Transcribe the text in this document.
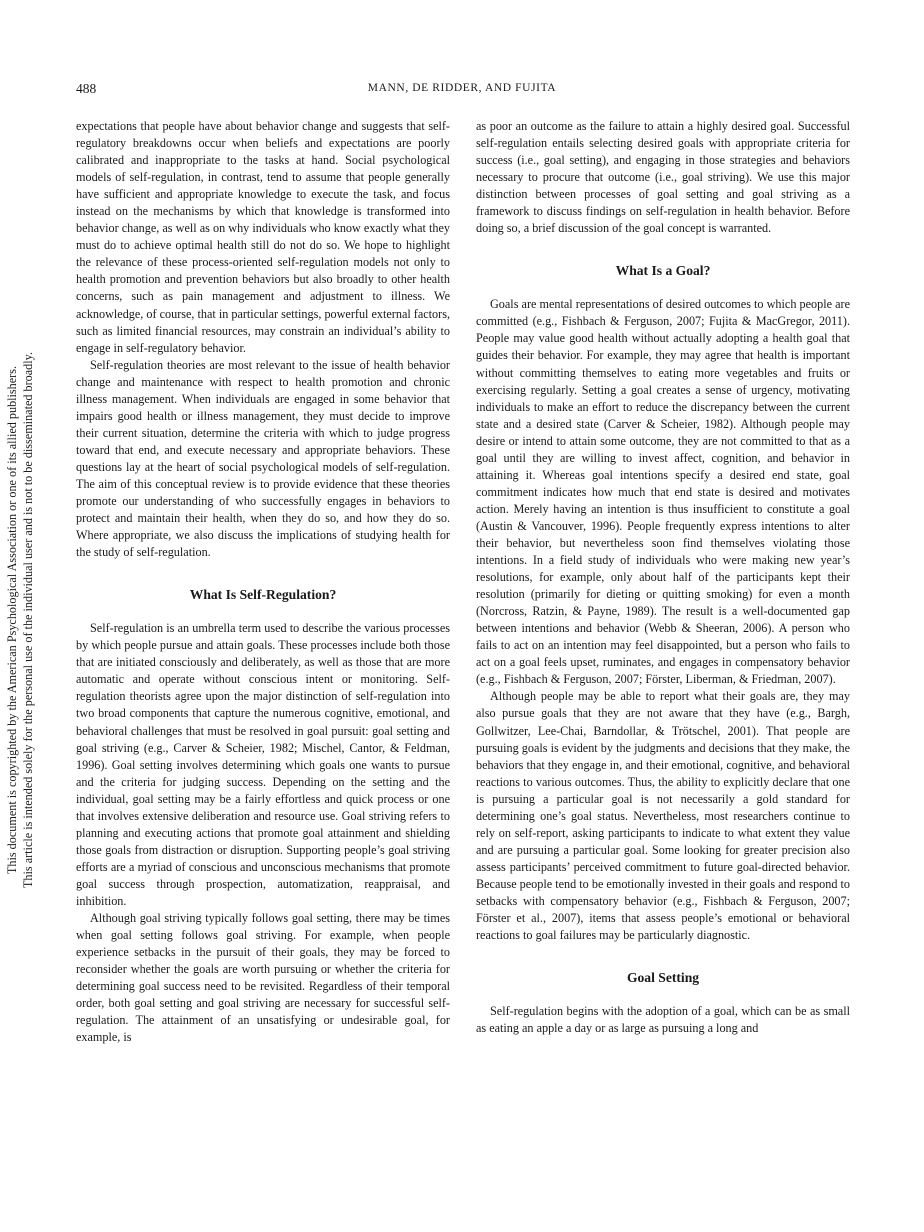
488	MANN, DE RIDDER, AND FUJITA
This document is copyrighted by the American Psychological Association or one of its allied publishers. This article is intended solely for the personal use of the individual user and is not to be disseminated broadly.

expectations that people have about behavior change and suggests that self-regulatory breakdowns occur when beliefs and expectations are poorly calibrated and inappropriate to the tasks at hand. Social psychological models of self-regulation, in contrast, tend to assume that people generally have sufficient and appropriate knowledge to execute the task, and focus instead on the mechanisms by which that knowledge is transformed into behavior change, as well as on why individuals who know exactly what they must do to achieve optimal health still do not do so. We hope to highlight the relevance of these process-oriented self-regulation models not only to health promotion and prevention behaviors but also broadly to other health concerns, such as pain management and adjustment to illness. We acknowledge, of course, that in particular settings, powerful external factors, such as limited financial resources, may constrain an individual’s ability to engage in self-regulatory behavior.

Self-regulation theories are most relevant to the issue of health behavior change and maintenance with respect to health promotion and chronic illness management. When individuals are engaged in some behavior that impairs good health or illness management, they must decide to improve their current situation, determine the criteria with which to judge progress toward that end, and execute necessary and appropriate behaviors. These questions lay at the heart of social psychological models of self-regulation. The aim of this conceptual review is to provide evidence that these theories promote our understanding of who successfully engages in behaviors to protect and maintain their health, when they do so, and how they do so. Where appropriate, we also discuss the implications of studying health for the study of self-regulation.

What Is Self-Regulation?

Self-regulation is an umbrella term used to describe the various processes by which people pursue and attain goals. These processes include both those that are initiated consciously and deliberately, as well as those that are more automatic and operate without conscious intent or monitoring. Self-regulation theorists agree upon the major distinction of self-regulation into two broad components that capture the numerous cognitive, emotional, and behavioral challenges that must be resolved in goal pursuit: goal setting and goal striving (e.g., Carver & Scheier, 1982; Mischel, Cantor, & Feldman, 1996). Goal setting involves determining which goals one wants to pursue and the criteria for judging success. Depending on the setting and the individual, goal setting may be a fairly effortless and quick process or one that involves extensive deliberation and resource use. Goal striving refers to planning and executing actions that promote goal attainment and shielding those goals from distraction or disruption. Supporting people’s goal striving efforts are a myriad of conscious and unconscious mechanisms that promote goal success through prospection, automatization, reappraisal, and inhibition.

Although goal striving typically follows goal setting, there may be times when goal setting follows goal striving. For example, when people experience setbacks in the pursuit of their goals, they may be forced to reconsider whether the goals are worth pursuing or whether the criteria for determining goal success need to be revisited. Regardless of their temporal order, both goal setting and goal striving are necessary for successful self-regulation. The attainment of an unsatisfying or undesirable goal, for example, is

as poor an outcome as the failure to attain a highly desired goal. Successful self-regulation entails selecting desired goals with appropriate criteria for success (i.e., goal setting), and engaging in those strategies and behaviors necessary to procure that outcome (i.e., goal striving). We use this major distinction between processes of goal setting and goal striving as a framework to discuss findings on self-regulation in health behavior. Before doing so, a brief discussion of the goal concept is warranted.

What Is a Goal?

Goals are mental representations of desired outcomes to which people are committed (e.g., Fishbach & Ferguson, 2007; Fujita & MacGregor, 2011). People may value good health without actually adopting a health goal that guides their behavior. For example, they may agree that health is important without committing themselves to eating more vegetables and fruits or exercising regularly. Setting a goal creates a sense of urgency, motivating individuals to make an effort to reduce the discrepancy between the current state and a desired state (Carver & Scheier, 1982). Although people may desire or intend to attain some outcome, they are not committed to that as a goal until they are willing to invest affect, cognition, and behavior in attaining it. Whereas goal intentions specify a desired end state, goal commitment indicates how much that end state is desired and motivates action. Merely having an intention is thus insufficient to constitute a goal (Austin & Vancouver, 1996). People frequently express intentions to alter their behavior, but nevertheless soon find themselves violating those intentions. In a field study of individuals who were making new year’s resolutions, for example, only about half of the participants kept their resolution (primarily for dieting or quitting smoking) for even a month (Norcross, Ratzin, & Payne, 1989). The result is a well-documented gap between intentions and behavior (Webb & Sheeran, 2006). A person who fails to act on an intention may feel disappointed, but a person who fails to act on a goal feels upset, ruminates, and engages in compensatory behavior (e.g., Fishbach & Ferguson, 2007; Förster, Liberman, & Friedman, 2007).

Although people may be able to report what their goals are, they may also pursue goals that they are not aware that they have (e.g., Bargh, Gollwitzer, Lee-Chai, Barndollar, & Trötschel, 2001). That people are pursuing goals is evident by the judgments and decisions that they make, the behaviors that they engage in, and their emotional, cognitive, and behavioral reactions to various outcomes. Thus, the ability to explicitly declare that one is pursuing a particular goal is not necessarily a gold standard for determining one’s goal status. Nevertheless, most researchers continue to rely on self-report, asking participants to indicate to what extent they value and are pursuing a particular goal. Some looking for greater precision also assess participants’ perceived commitment to future goal-directed behavior. Because people tend to be emotionally invested in their goals and respond to setbacks with compensatory behavior (e.g., Fishbach & Ferguson, 2007; Förster et al., 2007), items that assess people’s emotional or behavioral reactions to goal failures may be particularly diagnostic.

Goal Setting

Self-regulation begins with the adoption of a goal, which can be as small as eating an apple a day or as large as pursuing a long and
